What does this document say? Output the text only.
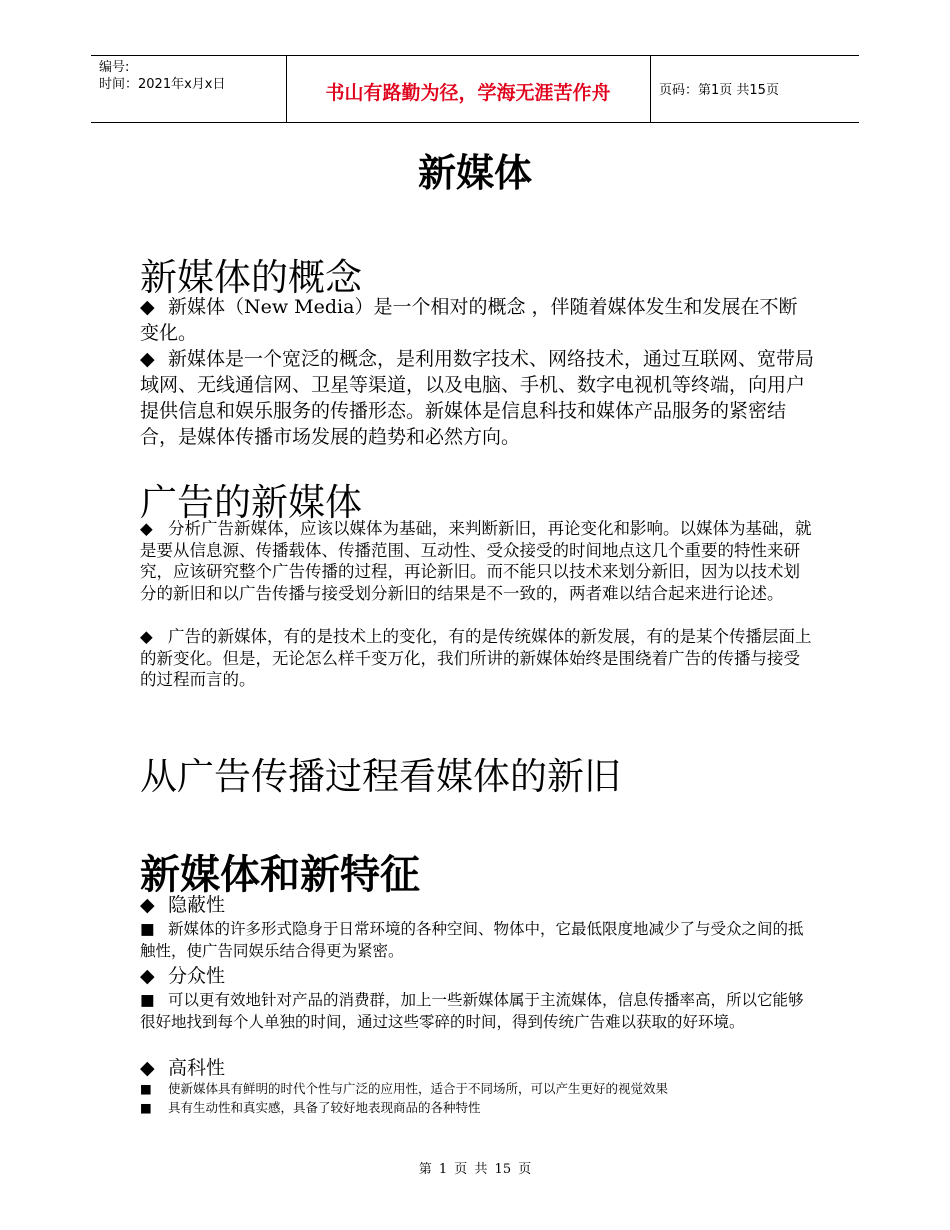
编号:
时间：2021年x月x日	书山有路勤为径，学海无涯苦作舟	页码：第1页 共15页
新媒体
新媒体的概念
◆ 新媒体（New Media）是一个相对的概念 ，伴随着媒体发生和发展在不断变化。
◆ 新媒体是一个宽泛的概念，是利用数字技术、网络技术，通过互联网、宽带局域网、无线通信网、卫星等渠道，以及电脑、手机、数字电视机等终端，向用户提供信息和娱乐服务的传播形态。新媒体是信息科技和媒体产品服务的紧密结合，是媒体传播市场发展的趋势和必然方向。
广告的新媒体
◆ 分析广告新媒体，应该以媒体为基础，来判断新旧，再论变化和影响。以媒体为基础，就是要从信息源、传播载体、传播范围、互动性、受众接受的时间地点这几个重要的特性来研究，应该研究整个广告传播的过程，再论新旧。而不能只以技术来划分新旧，因为以技术划分的新旧和以广告传播与接受划分新旧的结果是不一致的，两者难以结合起来进行论述。
◆ 广告的新媒体，有的是技术上的变化，有的是传统媒体的新发展，有的是某个传播层面上的新变化。但是，无论怎么样千变万化，我们所讲的新媒体始终是围绕着广告的传播与接受的过程而言的。
从广告传播过程看媒体的新旧
新媒体和新特征
◆ 隐蔽性
■ 新媒体的许多形式隐身于日常环境的各种空间、物体中，它最低限度地减少了与受众之间的抵触性，使广告同娱乐结合得更为紧密。
◆ 分众性
■ 可以更有效地针对产品的消费群，加上一些新媒体属于主流媒体，信息传播率高，所以它能够很好地找到每个人单独的时间，通过这些零碎的时间，得到传统广告难以获取的好环境。
◆ 高科性
■ 使新媒体具有鲜明的时代个性与广泛的应用性，适合于不同场所，可以产生更好的视觉效果
■ 具有生动性和真实感，具备了较好地表现商品的各种特性
第 1 页 共 15 页
